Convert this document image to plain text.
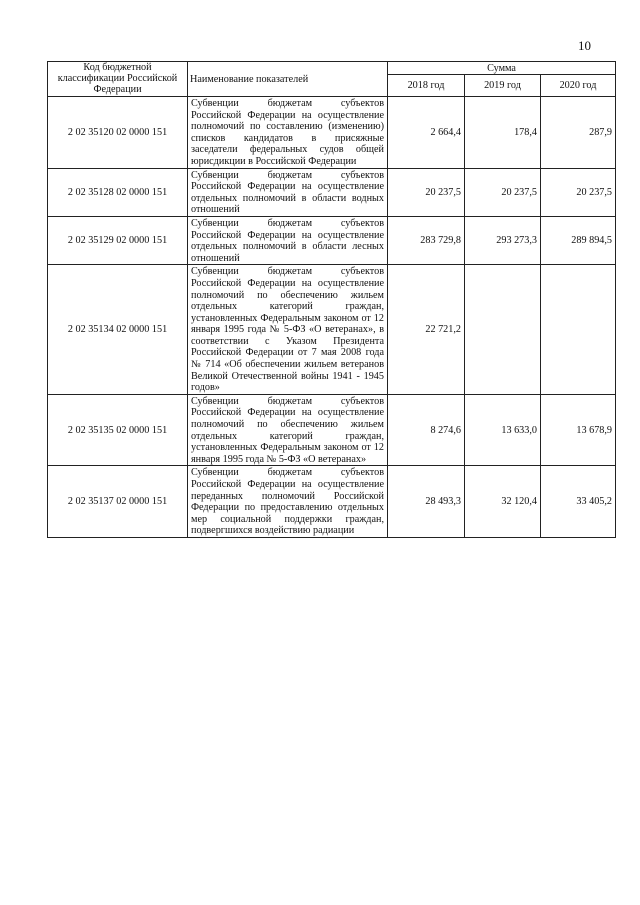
10
Код бюджетной классификации Российской Федерации	Наименование показателей	Сумма		
		2018 год	2019 год	2020 год
2 02 35120 02 0000 151	Субвенции бюджетам субъектов Российской Федерации на осуществление полномочий по составлению (изменению) списков кандидатов в присяжные заседатели федеральных судов общей юрисдикции в Российской Федерации	2 664,4	178,4	287,9
2 02 35128 02 0000 151	Субвенции бюджетам субъектов Российской Федерации на осуществление отдельных полномочий в области водных отношений	20 237,5	20 237,5	20 237,5
2 02 35129 02 0000 151	Субвенции бюджетам субъектов Российской Федерации на осуществление отдельных полномочий в области лесных отношений	283 729,8	293 273,3	289 894,5
2 02 35134 02 0000 151	Субвенции бюджетам субъектов Российской Федерации на осуществление полномочий по обеспечению жильем отдельных категорий граждан, установленных Федеральным законом от 12 января 1995 года № 5-ФЗ «О ветеранах», в соответствии с Указом Президента Российской Федерации от 7 мая 2008 года № 714 «Об обеспечении жильем ветеранов Великой Отечественной войны 1941 - 1945 годов»	22 721,2		
2 02 35135 02 0000 151	Субвенции бюджетам субъектов Российской Федерации на осуществление полномочий по обеспечению жильем отдельных категорий граждан, установленных Федеральным законом от 12 января 1995 года № 5-ФЗ «О ветеранах»	8 274,6	13 633,0	13 678,9
2 02 35137 02 0000 151	Субвенции бюджетам субъектов Российской Федерации на осуществление переданных полномочий Российской Федерации по предоставлению отдельных мер социальной поддержки граждан, подвергшихся воздействию радиации	28 493,3	32 120,4	33 405,2
